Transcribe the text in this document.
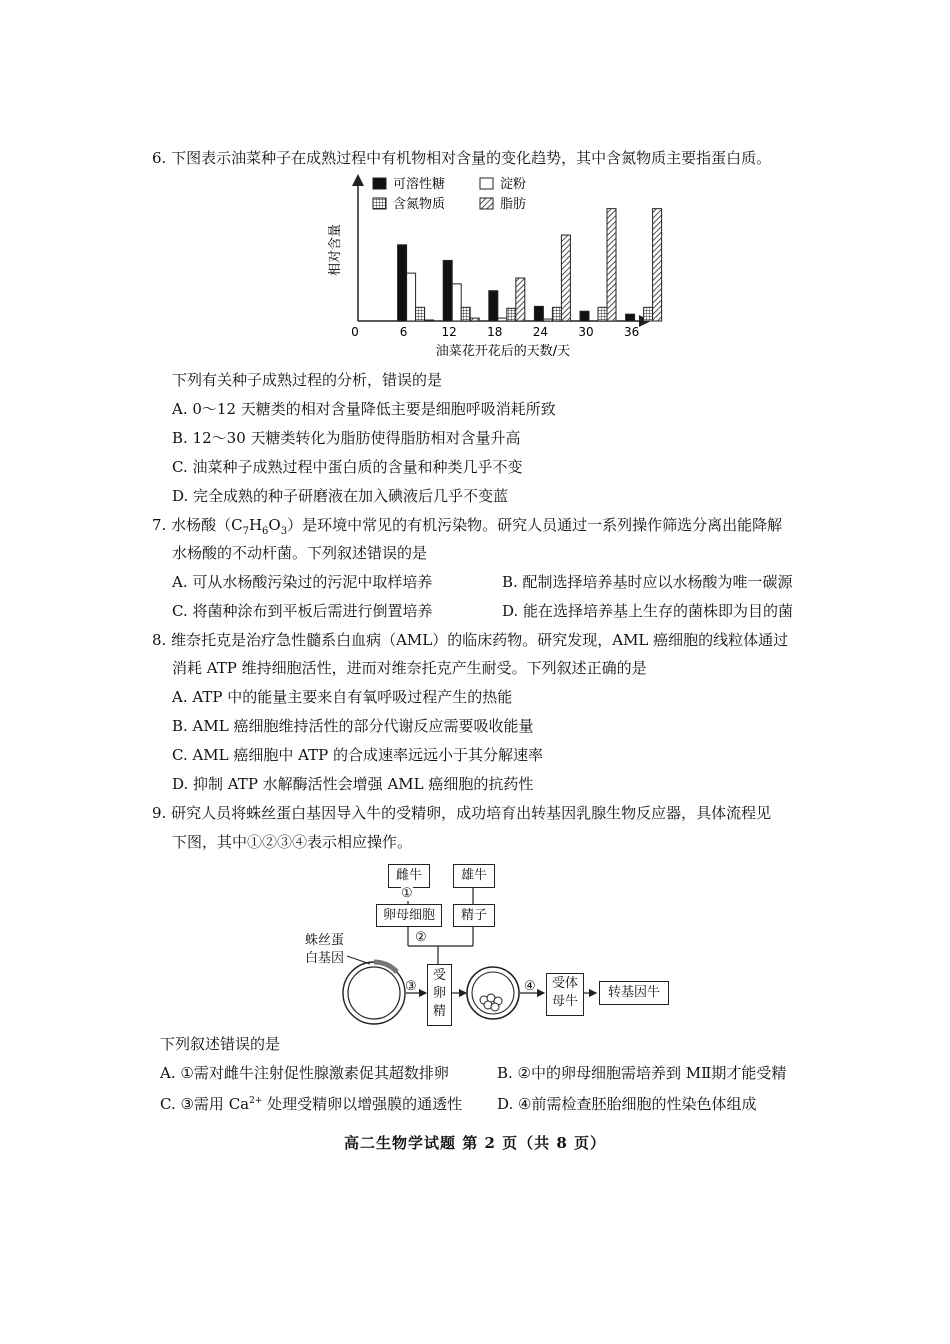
6. 下图表示油菜种子在成熟过程中有机物相对含量的变化趋势，其中含氮物质主要指蛋白质。
相对含量
油菜花开花后的天数/天
0	6	12	18	24	30	36
可溶性糖	淀粉
含氮物质	脂肪
下列有关种子成熟过程的分析，错误的是
A. 0～12 天糖类的相对含量降低主要是细胞呼吸消耗所致
B. 12～30 天糖类转化为脂肪使得脂肪相对含量升高
C. 油菜种子成熟过程中蛋白质的含量和种类几乎不变
D. 完全成熟的种子研磨液在加入碘液后几乎不变蓝
7. 水杨酸$(C_7H_6O_3)$是环境中常见的有机污染物。研究人员通过一系列操作筛选分离出能降解
水杨酸的不动杆菌。下列叙述错误的是
A. 可从水杨酸污染过的污泥中取样培养	B. 配制选择培养基时应以水杨酸为唯一碳源
C. 将菌种涂布到平板后需进行倒置培养	D. 能在选择培养基上生存的菌株即为目的菌
8. 维奈托克是治疗急性髓系白血病（AML）的临床药物。研究发现，AML 癌细胞的线粒体通过
消耗 ATP 维持细胞活性，进而对维奈托克产生耐受。下列叙述正确的是
A. ATP 中的能量主要来自有氧呼吸过程产生的热能
B. AML 癌细胞维持活性的部分代谢反应需要吸收能量
C. AML 癌细胞中 ATP 的合成速率远远小于其分解速率
D. 抑制 ATP 水解酶活性会增强 AML 癌细胞的抗药性
9. 研究人员将蛛丝蛋白基因导入牛的受精卵，成功培育出转基因乳腺生物反应器，具体流程见
下图，其中①②③④表示相应操作。
雌牛	雄牛
①
卵母细胞	精子
②
蛛丝蛋
白基因
③
受
卵
精
④	受体
母牛
转基因牛
下列叙述错误的是
A. ①需对雌牛注射促性腺激素促其超数排卵	B. ②中的卵母细胞需培养到 MⅡ期才能受精
C. ③需用 $Ca^{2+}$ 处理受精卵以增强膜的通透性 D. ④前需检查胚胎细胞的性染色体组成
高二生物学试题 第 2 页（共 8 页）
